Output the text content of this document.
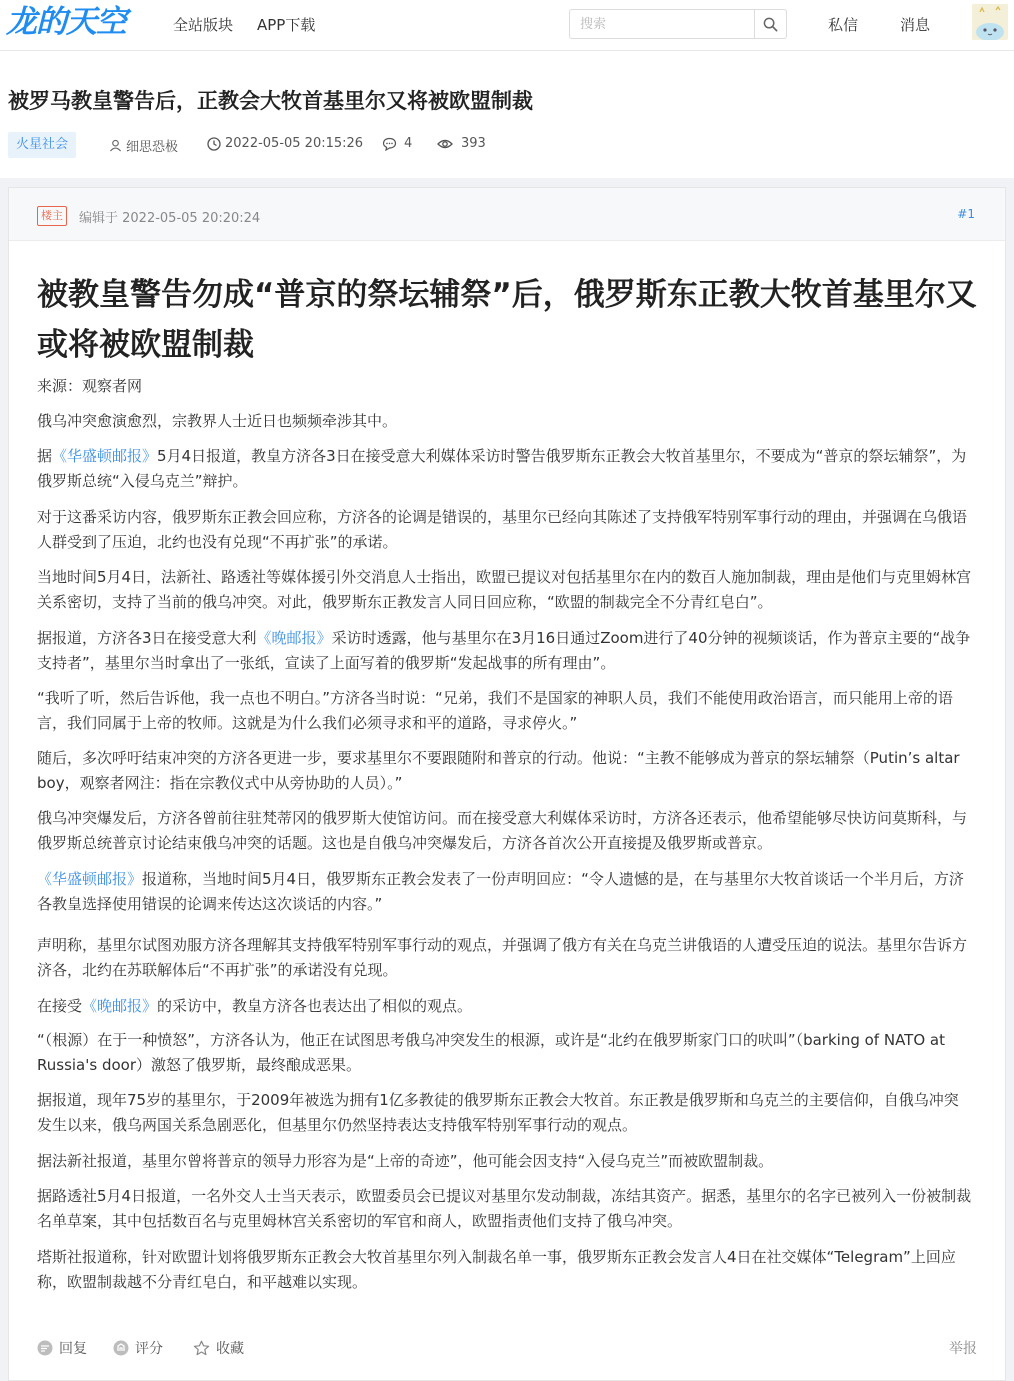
龙的天空	全站版块 APP下载
搜索	私信	消息
被罗马教皇警告后，正教会大牧首基里尔又将被欧盟制裁
火星社会	细思恐极	2022-05-05 20:15:26	4	393
楼主	编辑于 2022-05-05 20:20:24	#1
被教皇警告勿成“普京的祭坛辅祭”后，俄罗斯东正教大牧首基里尔又或将被欧盟制裁
来源：观察者网

俄乌冲突愈演愈烈，宗教界人士近日也频频牵涉其中。

据《华盛顿邮报》5月4日报道，教皇方济各3日在接受意大利媒体采访时警告俄罗斯东正教会大牧首基里尔，不要成为“普京的祭坛辅祭”，为俄罗斯总统“入侵乌克兰”辩护。

对于这番采访内容，俄罗斯东正教会回应称，方济各的论调是错误的，基里尔已经向其陈述了支持俄军特别军事行动的理由，并强调在乌俄语人群受到了压迫，北约也没有兑现“不再扩张”的承诺。

当地时间5月4日，法新社、路透社等媒体援引外交消息人士指出，欧盟已提议对包括基里尔在内的数百人施加制裁，理由是他们与克里姆林宫关系密切，支持了当前的俄乌冲突。对此，俄罗斯东正教发言人同日回应称，“欧盟的制裁完全不分青红皂白”。

据报道，方济各3日在接受意大利《晚邮报》采访时透露，他与基里尔在3月16日通过Zoom进行了40分钟的视频谈话，作为普京主要的“战争支持者”，基里尔当时拿出了一张纸，宣读了上面写着的俄罗斯“发起战事的所有理由”。

“我听了听，然后告诉他，我一点也不明白。”方济各当时说：“兄弟，我们不是国家的神职人员，我们不能使用政治语言，而只能用上帝的语言，我们同属于上帝的牧师。这就是为什么我们必须寻求和平的道路，寻求停火。”

随后，多次呼吁结束冲突的方济各更进一步，要求基里尔不要跟随附和普京的行动。他说：“主教不能够成为普京的祭坛辅祭（Putin’s altar boy，观察者网注：指在宗教仪式中从旁协助的人员）。”

俄乌冲突爆发后，方济各曾前往驻梵蒂冈的俄罗斯大使馆访问。而在接受意大利媒体采访时，方济各还表示，他希望能够尽快访问莫斯科，与俄罗斯总统普京讨论结束俄乌冲突的话题。这也是自俄乌冲突爆发后，方济各首次公开直接提及俄罗斯或普京。

《华盛顿邮报》报道称，当地时间5月4日，俄罗斯东正教会发表了一份声明回应：“令人遗憾的是，在与基里尔大牧首谈话一个半月后，方济各教皇选择使用错误的论调来传达这次谈话的内容。”

声明称，基里尔试图劝服方济各理解其支持俄军特别军事行动的观点，并强调了俄方有关在乌克兰讲俄语的人遭受压迫的说法。基里尔告诉方济各，北约在苏联解体后“不再扩张”的承诺没有兑现。

在接受《晚邮报》的采访中，教皇方济各也表达出了相似的观点。

“（根源）在于一种愤怒”，方济各认为，他正在试图思考俄乌冲突发生的根源，或许是“北约在俄罗斯家门口的吠叫”（barking of NATO at Russia's door）激怒了俄罗斯，最终酿成恶果。

据报道，现年75岁的基里尔，于2009年被选为拥有1亿多教徒的俄罗斯东正教会大牧首。东正教是俄罗斯和乌克兰的主要信仰，自俄乌冲突发生以来，俄乌两国关系急剧恶化，但基里尔仍然坚持表达支持俄军特别军事行动的观点。

据法新社报道，基里尔曾将普京的领导力形容为是“上帝的奇迹”，他可能会因支持“入侵乌克兰”而被欧盟制裁。

据路透社5月4日报道，一名外交人士当天表示，欧盟委员会已提议对基里尔发动制裁，冻结其资产。据悉，基里尔的名字已被列入一份被制裁名单草案，其中包括数百名与克里姆林宫关系密切的军官和商人，欧盟指责他们支持了俄乌冲突。

塔斯社报道称，针对欧盟计划将俄罗斯东正教会大牧首基里尔列入制裁名单一事，俄罗斯东正教会发言人4日在社交媒体“Telegram”上回应称，欧盟制裁越不分青红皂白，和平越难以实现。

回复	评分	收藏	举报
